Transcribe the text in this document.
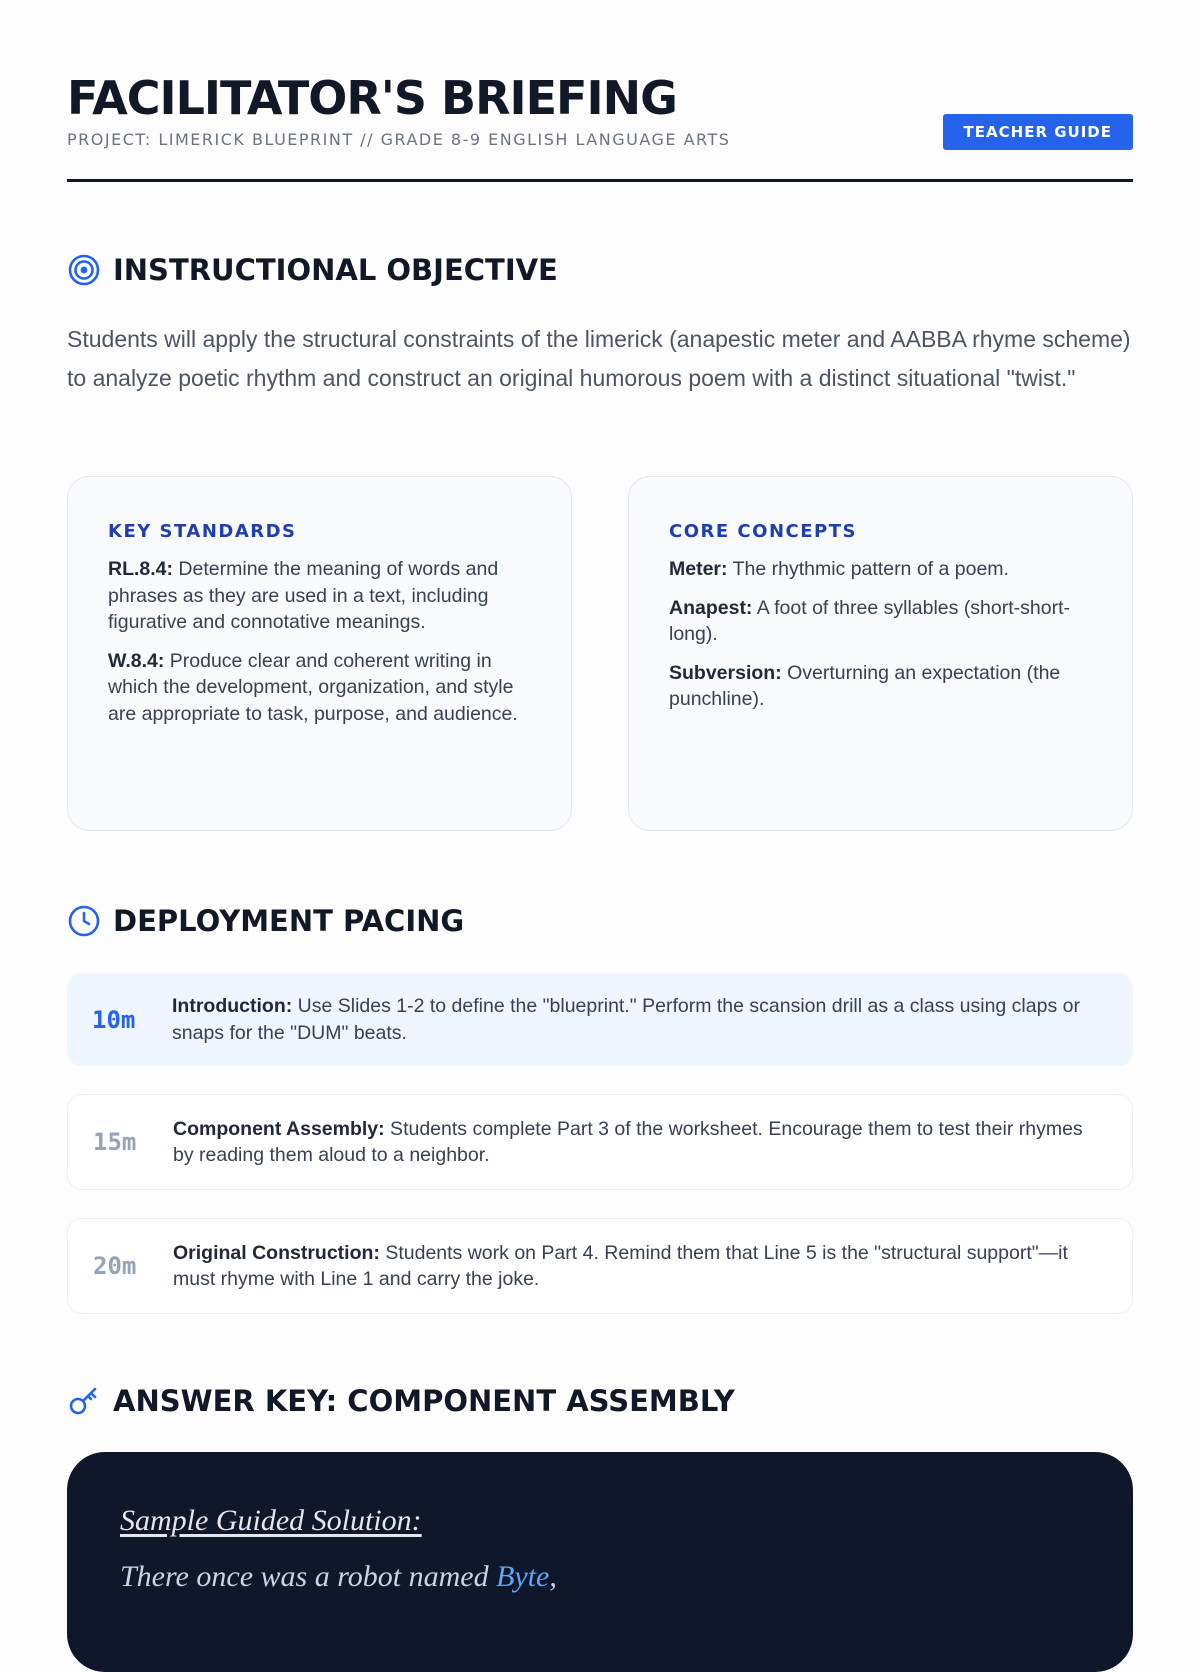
FACILITATOR'S BRIEFING
PROJECT: LIMERICK BLUEPRINT // GRADE 8-9 ENGLISH LANGUAGE ARTS	TEACHER GUIDE
INSTRUCTIONAL OBJECTIVE

Students will apply the structural constraints of the limerick (anapestic meter and AABBA rhyme scheme) to analyze poetic rhythm and construct an original humorous poem with a distinct situational "twist."

KEY STANDARDS

RL.8.4: Determine the meaning of words and phrases as they are used in a text, including figurative and connotative meanings.

W.8.4: Produce clear and coherent writing in which the development, organization, and style are appropriate to task, purpose, and audience.

CORE CONCEPTS

Meter: The rhythmic pattern of a poem.

Anapest: A foot of three syllables (short-short-long).

Subversion: Overturning an expectation (the punchline).

DEPLOYMENT PACING
10m	Introduction: Use Slides 1-2 to define the "blueprint." Perform the scansion drill as a class using claps or snaps for the "DUM" beats.
15m	Component Assembly: Students complete Part 3 of the worksheet. Encourage them to test their rhymes by reading them aloud to a neighbor.
20m	Original Construction: Students work on Part 4. Remind them that Line 5 is the "structural support"—it must rhyme with Line 1 and carry the joke.
ANSWER KEY: COMPONENT ASSEMBLY
Sample Guided Solution:
There once was a robot named Byte,
